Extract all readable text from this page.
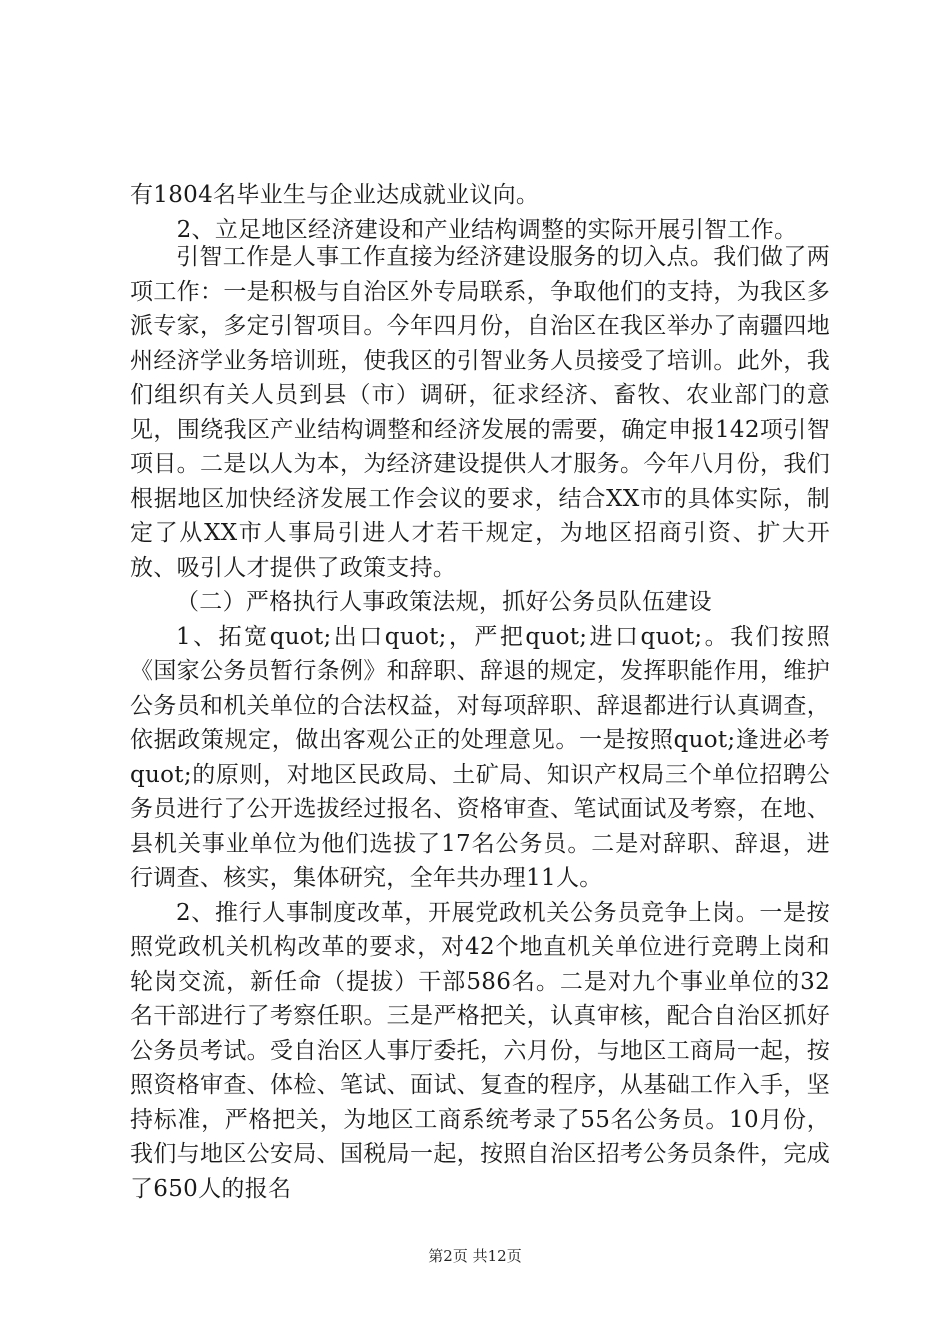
有1804名毕业生与企业达成就业议向。
　　2、立足地区经济建设和产业结构调整的实际开展引智工作。

引智工作是人事工作直接为经济建设服务的切入点。我们做了两项工作：一是积极与自治区外专局联系，争取他们的支持，为我区多派专家，多定引智项目。今年四月份，自治区在我区举办了南疆四地州经济学业务培训班，使我区的引智业务人员接受了培训。此外，我们组织有关人员到县（市）调研，征求经济、畜牧、农业部门的意见，围绕我区产业结构调整和经济发展的需要，确定申报142项引智项目。二是以人为本，为经济建设提供人才服务。今年八月份，我们根据地区加快经济发展工作会议的要求，结合XX市的具体实际，制定了从XX市人事局引进人才若干规定，为地区招商引资、扩大开放、吸引人才提供了政策支持。

（二）严格执行人事政策法规，抓好公务员队伍建设

1、拓宽quot;出口quot;，严把quot;进口quot;。我们按照《国家公务员暂行条例》和辞职、辞退的规定，发挥职能作用，维护公务员和机关单位的合法权益，对每项辞职、辞退都进行认真调查，依据政策规定，做出客观公正的处理意见。一是按照quot;逢进必考quot;的原则，对地区民政局、土矿局、知识产权局三个单位招聘公务员进行了公开选拔经过报名、资格审查、笔试面试及考察，在地、县机关事业单位为他们选拔了17名公务员。二是对辞职、辞退，进行调查、核实，集体研究，全年共办理11人。

2、推行人事制度改革，开展党政机关公务员竞争上岗。一是按照党政机关机构改革的要求，对42个地直机关单位进行竞聘上岗和轮岗交流，新任命（提拔）干部586名。二是对九个事业单位的32名干部进行了考察任职。三是严格把关，认真审核，配合自治区抓好公务员考试。受自治区人事厅委托，六月份，与地区工商局一起，按照资格审查、体检、笔试、面试、复查的程序，从基础工作入手，坚持标准，严格把关，为地区工商系统考录了55名公务员。10月份，我们与地区公安局、国税局一起，按照自治区招考公务员条件，完成了650人的报名

第2页 共12页
